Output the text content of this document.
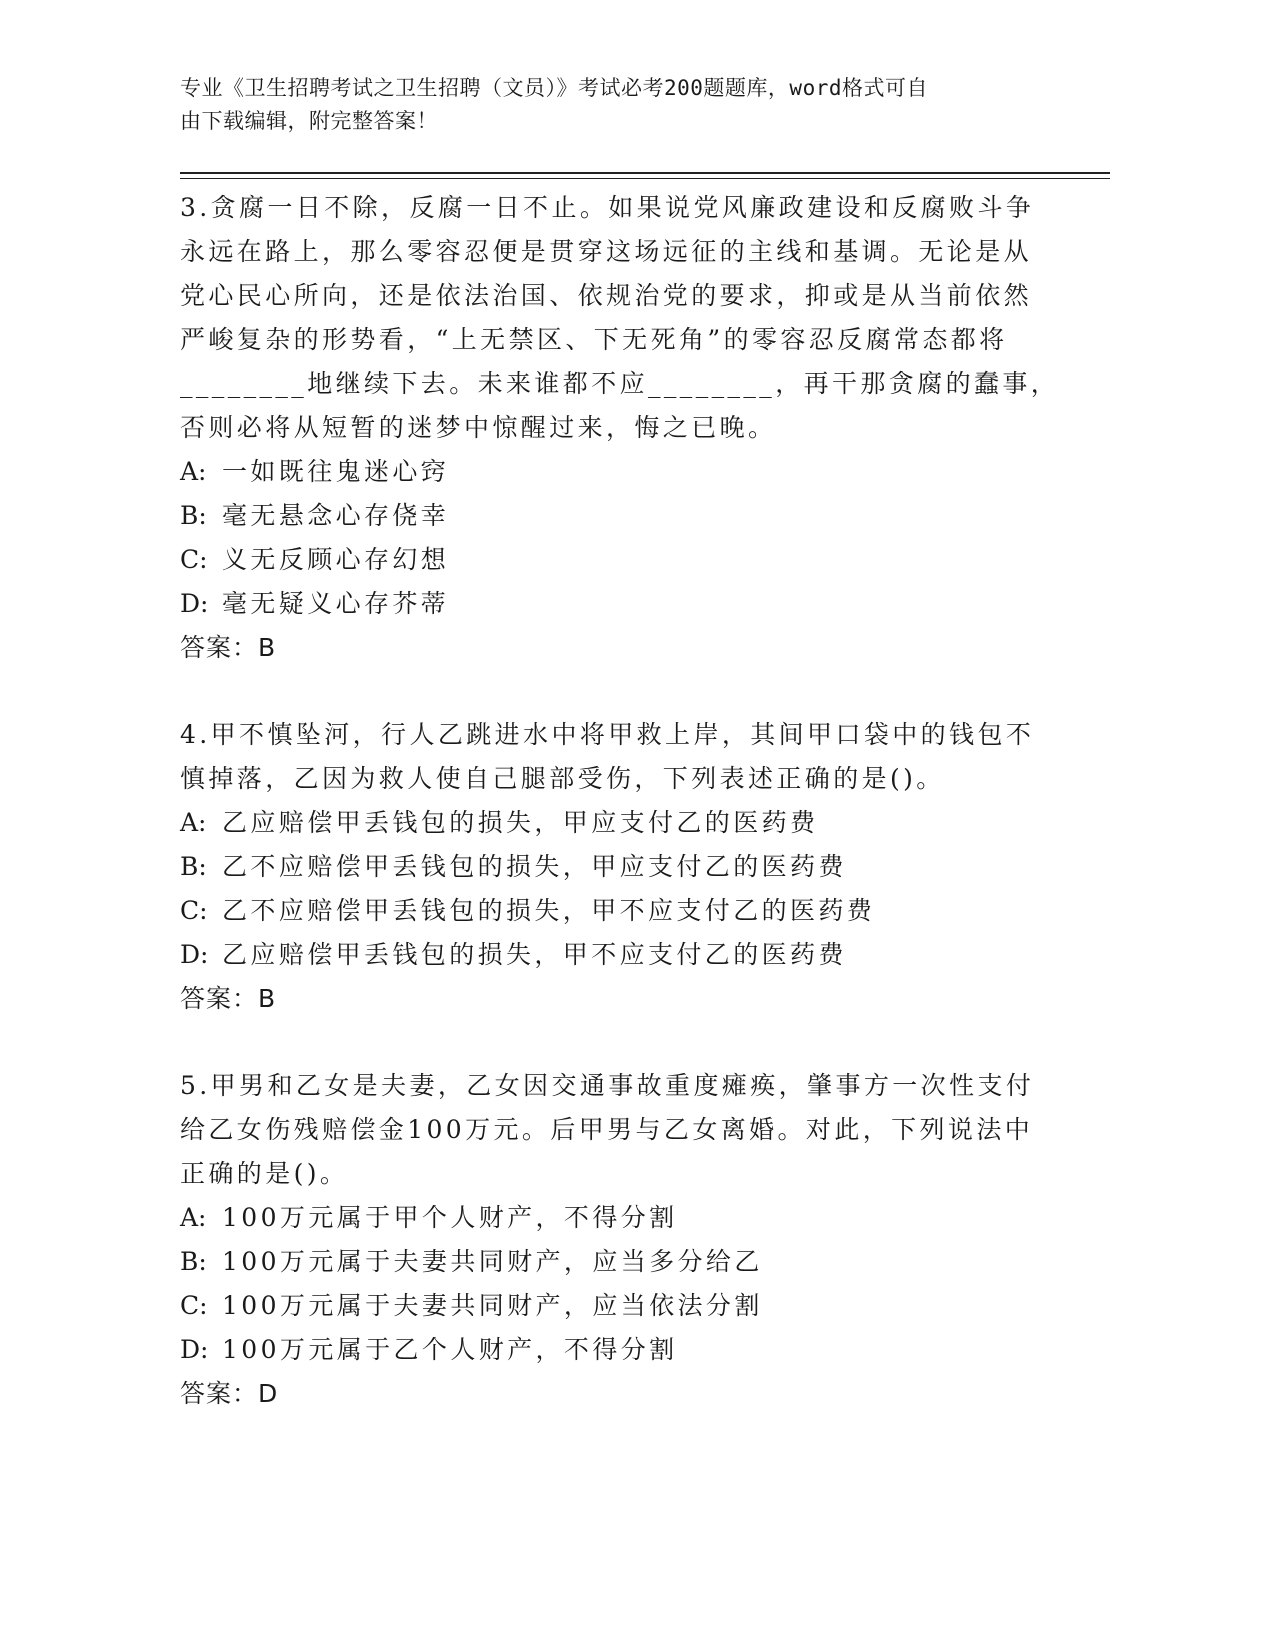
专业《卫生招聘考试之卫生招聘（文员）》考试必考200题题库，word格式可自
由下载编辑，附完整答案！

3.贪腐一日不除，反腐一日不止。如果说党风廉政建设和反腐败斗争

永远在路上，那么零容忍便是贯穿这场远征的主线和基调。无论是从

党心民心所向，还是依法治国、依规治党的要求，抑或是从当前依然

严峻复杂的形势看，“上无禁区、下无死角”的零容忍反腐常态都将

________地继续下去。未来谁都不应________，再干那贪腐的蠢事，

否则必将从短暂的迷梦中惊醒过来，悔之已晚。

A: 一如既往鬼迷心窍

B: 毫无悬念心存侥幸

C: 义无反顾心存幻想

D: 毫无疑义心存芥蒂

答案：B

4.甲不慎坠河，行人乙跳进水中将甲救上岸，其间甲口袋中的钱包不

慎掉落，乙因为救人使自己腿部受伤，下列表述正确的是()。

A: 乙应赔偿甲丢钱包的损失，甲应支付乙的医药费

B: 乙不应赔偿甲丢钱包的损失，甲应支付乙的医药费

C: 乙不应赔偿甲丢钱包的损失，甲不应支付乙的医药费

D: 乙应赔偿甲丢钱包的损失，甲不应支付乙的医药费

答案：B

5.甲男和乙女是夫妻，乙女因交通事故重度瘫痪，肇事方一次性支付

给乙女伤残赔偿金100万元。后甲男与乙女离婚。对此，下列说法中

正确的是()。

A: 100万元属于甲个人财产，不得分割

B: 100万元属于夫妻共同财产，应当多分给乙

C: 100万元属于夫妻共同财产，应当依法分割

D: 100万元属于乙个人财产，不得分割

答案：D
